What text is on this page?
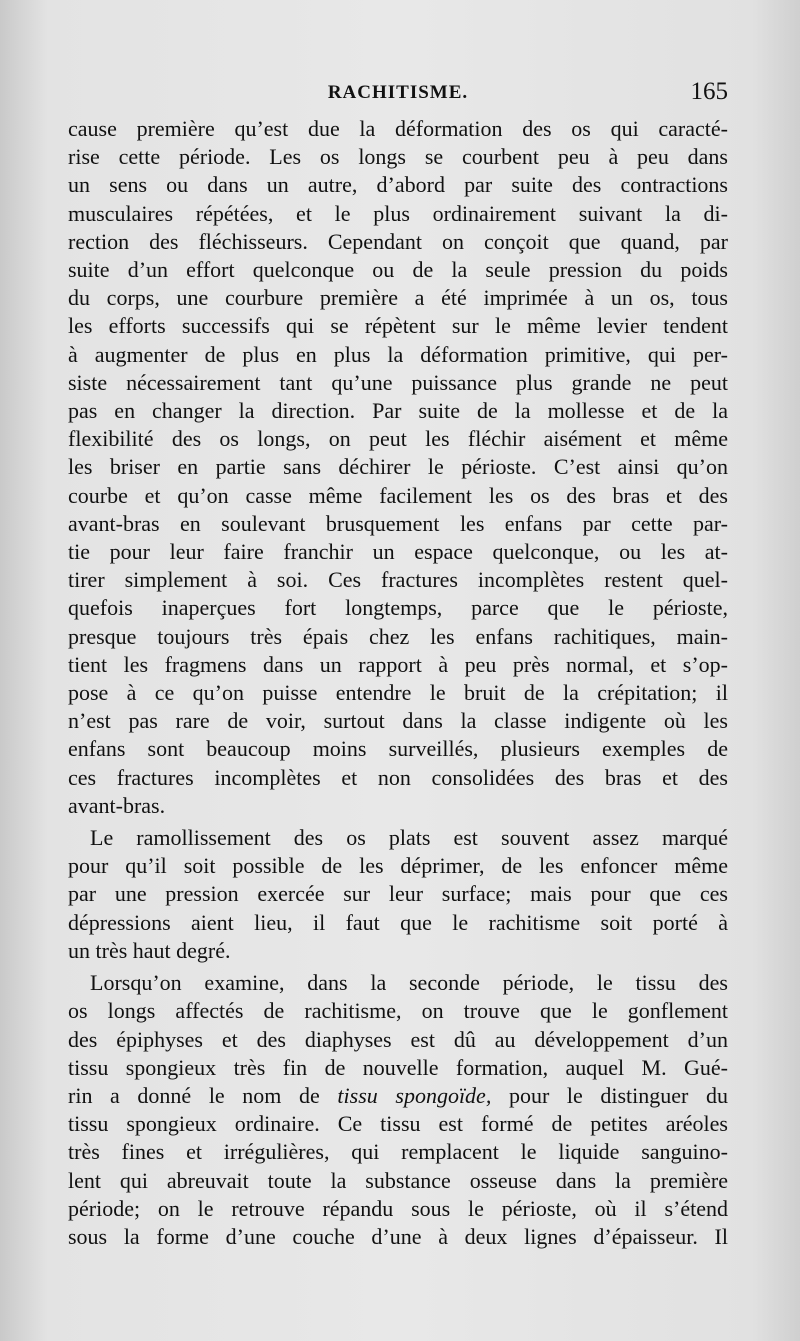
RACHITISME.	165
cause première qu’est due la déformation des os qui caracté-
rise cette période. Les os longs se courbent peu à peu dans
un sens ou dans un autre, d’abord par suite des contractions
musculaires répétées, et le plus ordinairement suivant la di-
rection des fléchisseurs. Cependant on conçoit que quand, par
suite d’un effort quelconque ou de la seule pression du poids
du corps, une courbure première a été imprimée à un os, tous
les efforts successifs qui se répètent sur le même levier tendent
à augmenter de plus en plus la déformation primitive, qui per-
siste nécessairement tant qu’une puissance plus grande ne peut
pas en changer la direction. Par suite de la mollesse et de la
flexibilité des os longs, on peut les fléchir aisément et même
les briser en partie sans déchirer le périoste. C’est ainsi qu’on
courbe et qu’on casse même facilement les os des bras et des
avant-bras en soulevant brusquement les enfans par cette par-
tie pour leur faire franchir un espace quelconque, ou les at-
tirer simplement à soi. Ces fractures incomplètes restent quel-
quefois inaperçues fort longtemps, parce que le périoste,
presque toujours très épais chez les enfans rachitiques, main-
tient les fragmens dans un rapport à peu près normal, et s’op-
pose à ce qu’on puisse entendre le bruit de la crépitation; il
n’est pas rare de voir, surtout dans la classe indigente où les
enfans sont beaucoup moins surveillés, plusieurs exemples de
ces fractures incomplètes et non consolidées des bras et des
avant-bras.
Le ramollissement des os plats est souvent assez marqué
pour qu’il soit possible de les déprimer, de les enfoncer même
par une pression exercée sur leur surface; mais pour que ces
dépressions aient lieu, il faut que le rachitisme soit porté à
un très haut degré.
Lorsqu’on examine, dans la seconde période, le tissu des
os longs affectés de rachitisme, on trouve que le gonflement
des épiphyses et des diaphyses est dû au développement d’un
tissu spongieux très fin de nouvelle formation, auquel M. Gué-
rin a donné le nom de tissu spongoïde, pour le distinguer du
tissu spongieux ordinaire. Ce tissu est formé de petites aréoles
très fines et irrégulières, qui remplacent le liquide sanguino-
lent qui abreuvait toute la substance osseuse dans la première
période; on le retrouve répandu sous le périoste, où il s’étend
sous la forme d’une couche d’une à deux lignes d’épaisseur. Il
